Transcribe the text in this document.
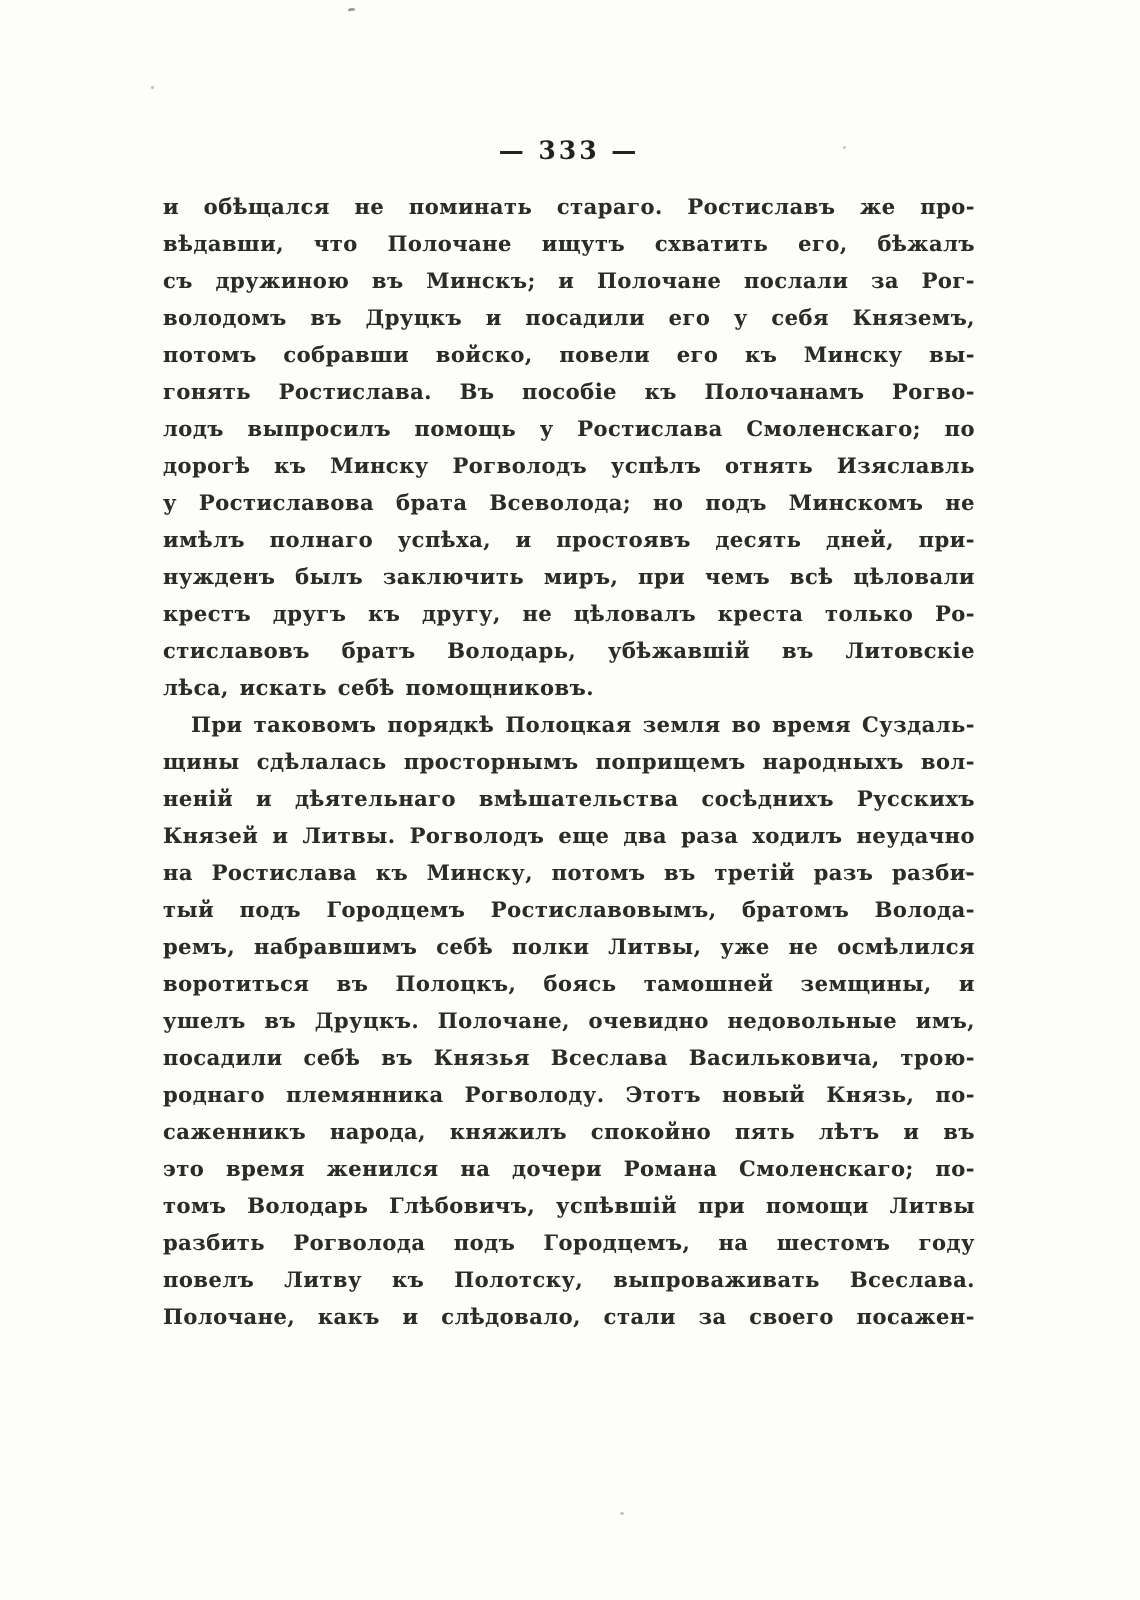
— 333 —
и обѣщался не поминать стараго. Ростиславъ же про-
вѣдавши, что Полочане ищутъ схватить его, бѣжалъ
съ дружиною въ Минскъ; и Полочане послали за Рог-
володомъ въ Друцкъ и посадили его у себя Княземъ,
потомъ собравши войско, повели его къ Минску вы-
гонять Ростислава. Въ пособіе къ Полочанамъ Рогво-
лодъ выпросилъ помощь у Ростислава Смоленскаго; по
дорогѣ къ Минску Рогволодъ успѣлъ отнять Изяславль
у Ростиславова брата Всеволода; но подъ Минскомъ не
имѣлъ полнаго успѣха, и простоявъ десять дней, при-
нужденъ былъ заключить миръ, при чемъ всѣ цѣловали
крестъ другъ къ другу, не цѣловалъ креста только Ро-
стиславовъ братъ Володарь, убѣжавшій въ Литовскіе
лѣса, искать себѣ помощниковъ.
При таковомъ порядкѣ Полоцкая земля во время Суздаль-
щины сдѣлалась просторнымъ поприщемъ народныхъ вол-
неній и дѣятельнаго вмѣшательства сосѣднихъ Русскихъ
Князей и Литвы. Рогволодъ еще два раза ходилъ неудачно
на Ростислава къ Минску, потомъ въ третій разъ разби-
тый подъ Городцемъ Ростиславовымъ, братомъ Волода-
ремъ, набравшимъ себѣ полки Литвы, уже не осмѣлился
воротиться въ Полоцкъ, боясь тамошней земщины, и
ушелъ въ Друцкъ. Полочане, очевидно недовольные имъ,
посадили себѣ въ Князья Всеслава Васильковича, трою-
роднаго племянника Рогволоду. Этотъ новый Князь, по-
саженникъ народа, княжилъ спокойно пять лѣтъ и въ
это время женился на дочери Романа Смоленскаго; по-
томъ Володарь Глѣбовичъ, успѣвшій при помощи Литвы
разбить Рогволода подъ Городцемъ, на шестомъ году
повелъ Литву къ Полотску, выпроваживать Всеслава.
Полочане, какъ и слѣдовало, стали за своего посажен-
